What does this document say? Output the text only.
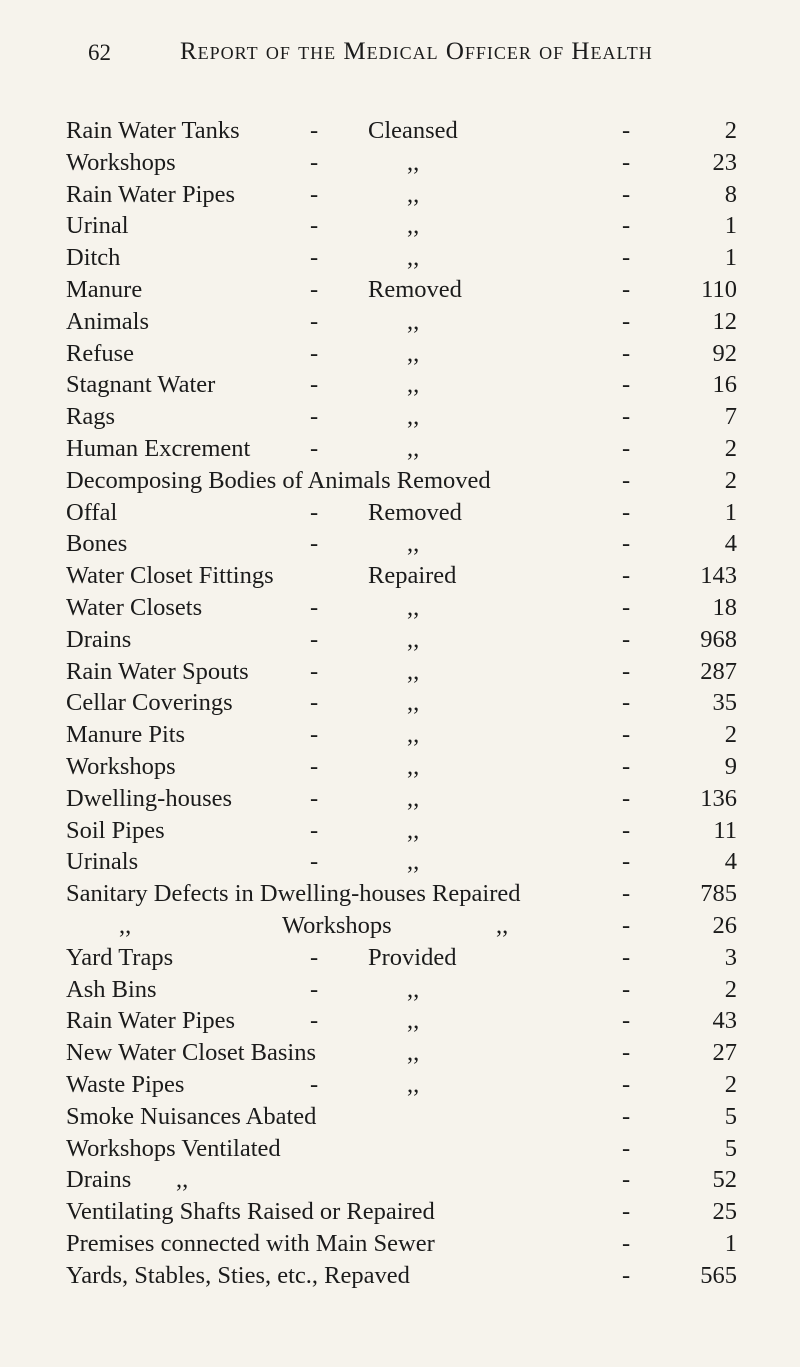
62	Report of the Medical Officer of Health
Rain Water Tanks	- Cleansed	-	2
Workshops	-	,,	-	23
Rain Water Pipes	-	,,	-	8
Urinal	-	,,	-	1
Ditch	-	,,	-	1
Manure	- Removed	-	110
Animals	-	,,	-	12
Refuse	-	,,	-	92
Stagnant Water	-	,,	-	16
Rags	-	,,	-	7
Human Excrement -	,,	-	2
Decomposing Bodies of Animals Removed	-	2
Offal	- Removed	-	1
Bones	-	,,	-	4
Water Closet Fittings	Repaired	-	143
Water Closets	-	,,	-	18
Drains	-	,,	-	968
Rain Water Spouts	-	,,	-	287
Cellar Coverings	-	,,	-	35
Manure Pits	-	,,	-	2
Workshops	-	,,	-	9
Dwelling-houses	-	,,	-	136
Soil Pipes	-	,,	-	11
Urinals	-	,,	-	4
Sanitary Defects in Dwelling-houses Repaired	-	785
,,	Workshops	,,	-	26
Yard Traps	- Provided	-	3
Ash Bins	-	,,	-	2
Rain Water Pipes	-	,,	-	43
New Water Closet Basins	,,	-	27
Waste Pipes	-	,,	-	2
Smoke Nuisances Abated	-	5
Workshops Ventilated	-	5
Drains ,,	-	52
Ventilating Shafts Raised or Repaired	-	25
Premises connected with Main Sewer	-	1
Yards, Stables, Sties, etc., Repaved	-	565
